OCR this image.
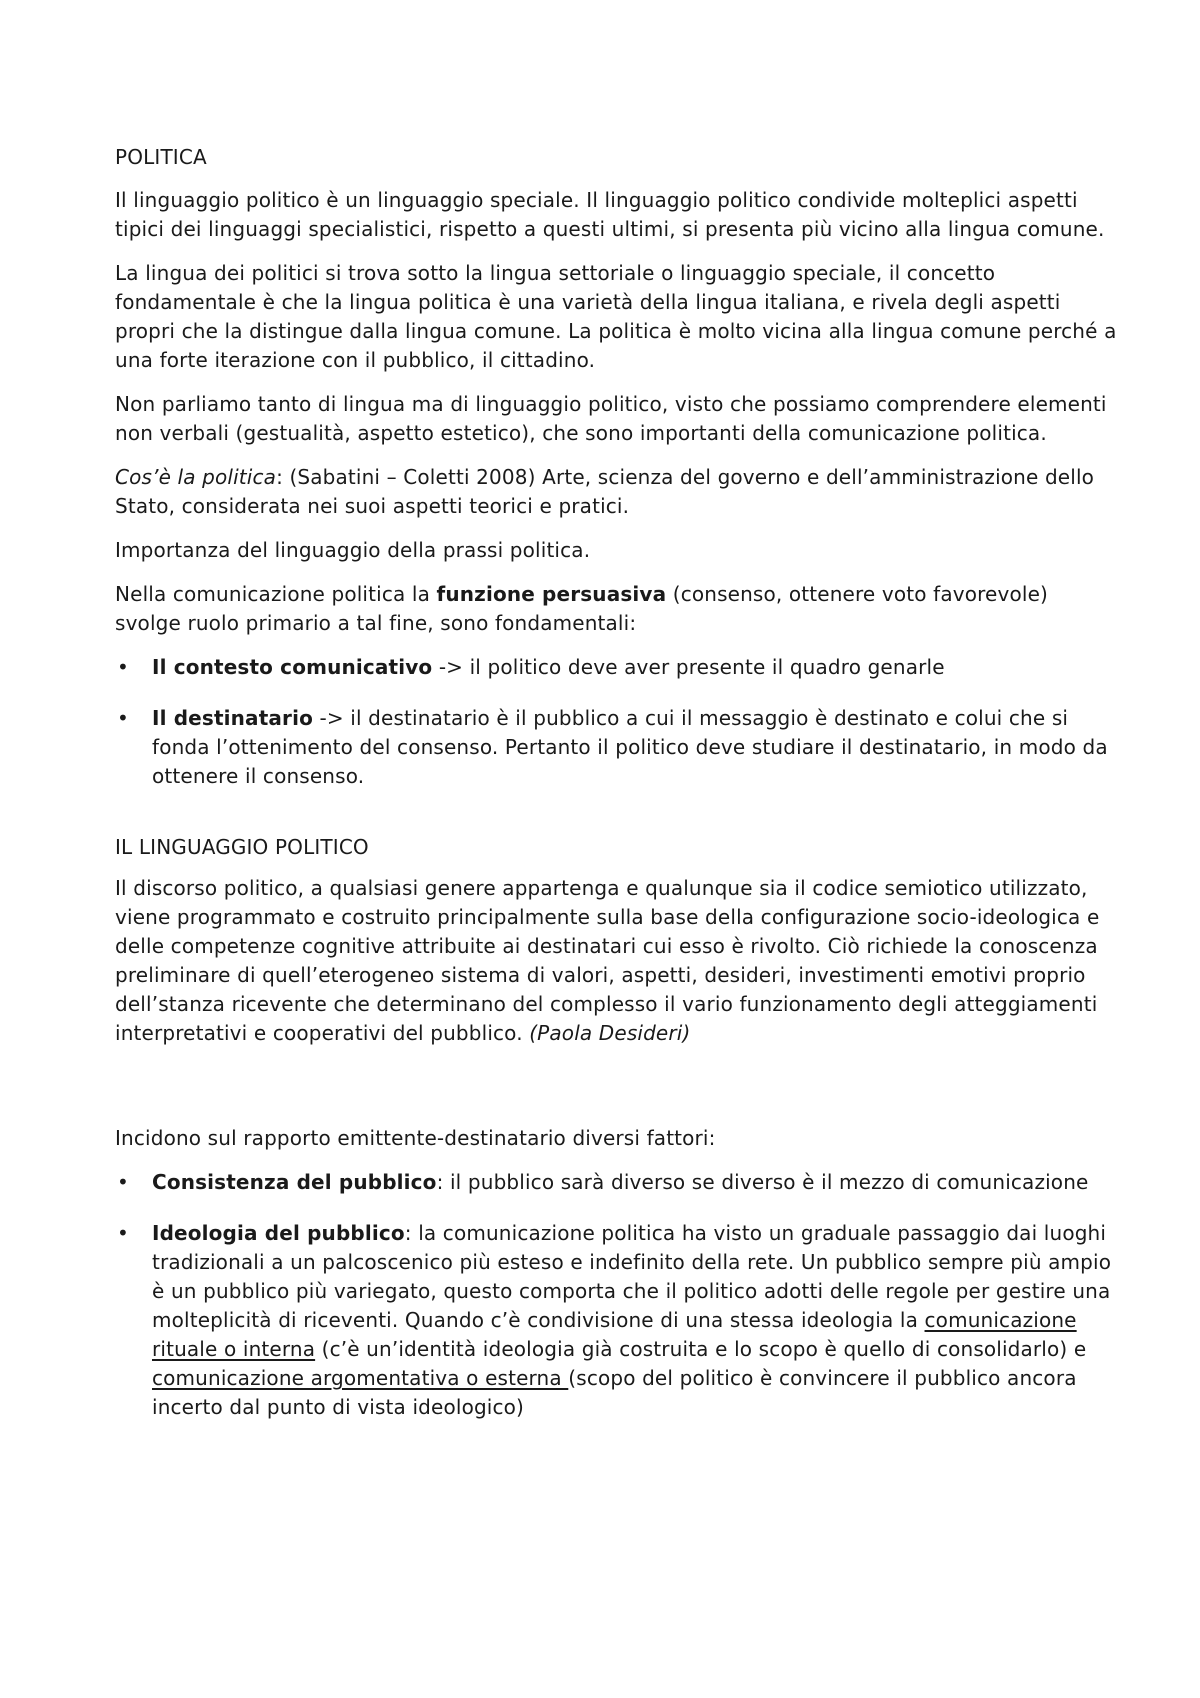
POLITICA

Il linguaggio politico è un linguaggio speciale. Il linguaggio politico condivide molteplici aspetti tipici dei linguaggi specialistici, rispetto a questi ultimi, si presenta più vicino alla lingua comune.

La lingua dei politici si trova sotto la lingua settoriale o linguaggio speciale, il concetto fondamentale è che la lingua politica è una varietà della lingua italiana, e rivela degli aspetti propri che la distingue dalla lingua comune. La politica è molto vicina alla lingua comune perché a una forte iterazione con il pubblico, il cittadino.

Non parliamo tanto di lingua ma di linguaggio politico, visto che possiamo comprendere elementi non verbali (gestualità, aspetto estetico), che sono importanti della comunicazione politica.

Cos’è la politica: (Sabatini – Coletti 2008) Arte, scienza del governo e dell’amministrazione dello Stato, considerata nei suoi aspetti teorici e pratici.

Importanza del linguaggio della prassi politica.

Nella comunicazione politica la funzione persuasiva (consenso, ottenere voto favorevole) svolge ruolo primario a tal fine, sono fondamentali:

• Il contesto comunicativo -> il politico deve aver presente il quadro genarle
• Il destinatario -> il destinatario è il pubblico a cui il messaggio è destinato e colui che si fonda l’ottenimento del consenso. Pertanto il politico deve studiare il destinatario, in modo da ottenere il consenso.
IL LINGUAGGIO POLITICO

Il discorso politico, a qualsiasi genere appartenga e qualunque sia il codice semiotico utilizzato, viene programmato e costruito principalmente sulla base della configurazione socio-ideologica e delle competenze cognitive attribuite ai destinatari cui esso è rivolto. Ciò richiede la conoscenza preliminare di quell’eterogeneo sistema di valori, aspetti, desideri, investimenti emotivi proprio dell’stanza ricevente che determinano del complesso il vario funzionamento degli atteggiamenti interpretativi e cooperativi del pubblico. (Paola Desideri)

Incidono sul rapporto emittente-destinatario diversi fattori:

• Consistenza del pubblico: il pubblico sarà diverso se diverso è il mezzo di comunicazione
• Ideologia del pubblico: la comunicazione politica ha visto un graduale passaggio dai luoghi tradizionali a un palcoscenico più esteso e indefinito della rete. Un pubblico sempre più ampio è un pubblico più variegato, questo comporta che il politico adotti delle regole per gestire una molteplicità di riceventi. Quando c’è condivisione di una stessa ideologia la comunicazione rituale o interna (c’è un’identità ideologia già costruita e lo scopo è quello di consolidarlo) e comunicazione argomentativa o esterna (scopo del politico è convincere il pubblico ancora incerto dal punto di vista ideologico)
